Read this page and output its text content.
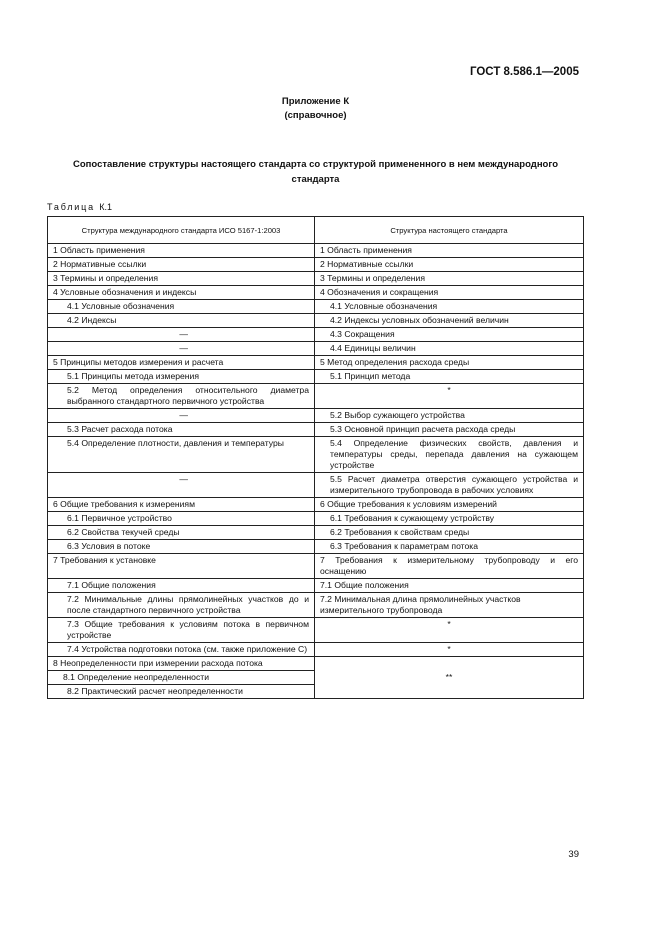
ГОСТ 8.586.1—2005
Приложение К
(справочное)
Сопоставление структуры настоящего стандарта со структурой примененного в нем международного стандарта
Таблица К.1
Структура международного стандарта ИСО 5167-1:2003	Структура настоящего стандарта
1 Область применения	1 Область применения
2 Нормативные ссылки	2 Нормативные ссылки
3 Термины и определения	3 Термины и определения
4 Условные обозначения и индексы	4 Обозначения и сокращения
4.1 Условные обозначения	4.1 Условные обозначения
4.2 Индексы	4.2 Индексы условных обозначений величин
—	4.3 Сокращения
—	4.4 Единицы величин
5 Принципы методов измерения и расчета	5 Метод определения расхода среды
5.1 Принципы метода измерения	5.1 Принцип метода
5.2 Метод определения относительного диаметра выбранного стандартного первичного устройства	*
—	5.2 Выбор сужающего устройства
5.3 Расчет расхода потока	5.3 Основной принцип расчета расхода среды
5.4 Определение плотности, давления и температуры	5.4 Определение физических свойств, давления и температуры среды, перепада давления на сужающем устройстве
—	5.5 Расчет диаметра отверстия сужающего устройства и измерительного трубопровода в рабочих условиях
6 Общие требования к измерениям	6 Общие требования к условиям измерений
6.1 Первичное устройство	6.1 Требования к сужающему устройству
6.2 Свойства текучей среды	6.2 Требования к свойствам среды
6.3 Условия в потоке	6.3 Требования к параметрам потока
7 Требования к установке	7 Требования к измерительному трубопроводу и его оснащению
7.1 Общие положения	7.1 Общие положения
7.2 Минимальные длины прямолинейных участков до и после стандартного первичного устройства	7.2 Минимальная длина прямолинейных участков измерительного трубопровода
7.3 Общие требования к условиям потока в первичном устройстве	*
7.4 Устройства подготовки потока (см. также приложение С)	*
8 Неопределенности при измерении расхода потока	**
8.1 Определение неопределенности	
8.2 Практический расчет неопределенности	
39
